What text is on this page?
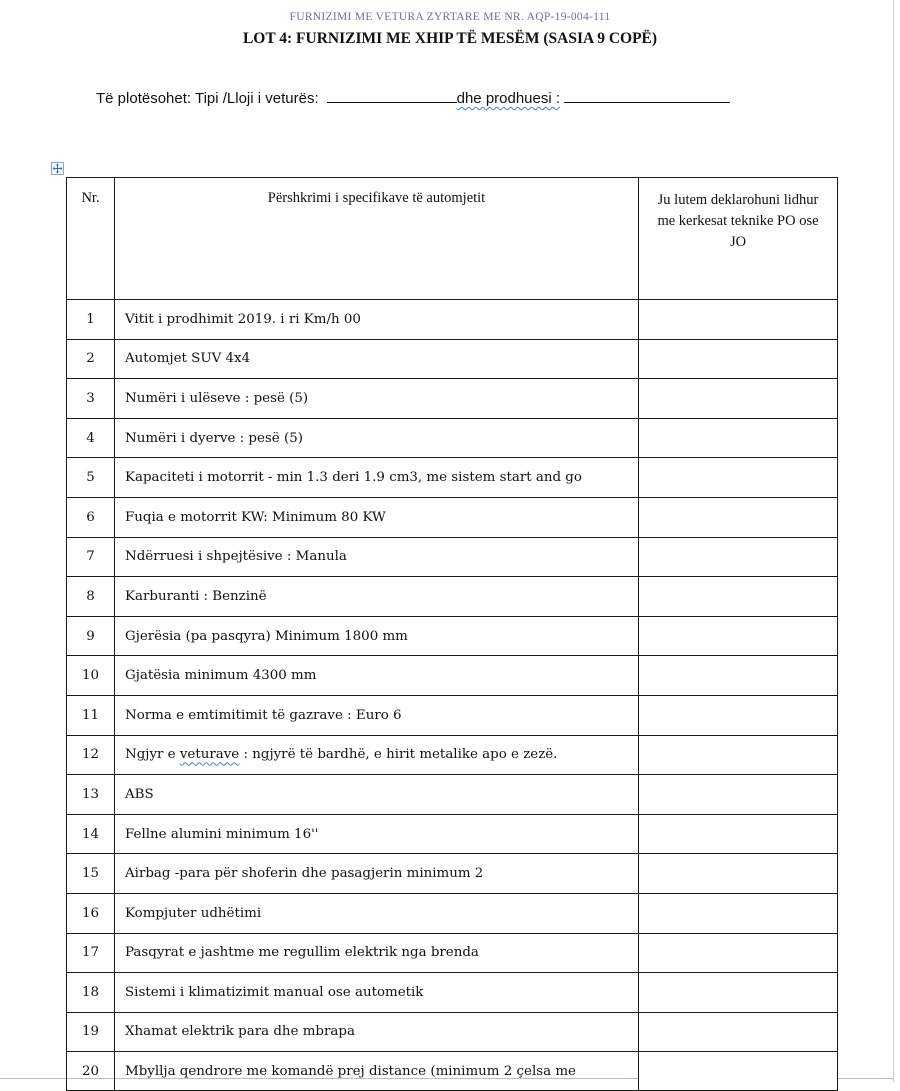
FURNIZIMI ME VETURA ZYRTARE ME NR. AQP-19-004-111
LOT 4: FURNIZIMI ME XHIP TË MESËM (SASIA 9 COPË)
Të plotësohet: Tipi /Lloji i veturës:	dhe prodhuesi :
Nr.	Përshkrimi i specifikave të automjetit	Ju lutem deklarohuni lidhur me kerkesat teknike PO ose JO
1	Vitit i prodhimit 2019. i ri Km/h 00	
2	Automjet SUV 4x4	
3	Numëri i ulëseve : pesë (5)	
4	Numëri i dyerve : pesë (5)	
5	Kapaciteti i motorrit - min 1.3 deri 1.9 cm3, me sistem start and go	
6	Fuqia e motorrit KW: Minimum 80 KW	
7	Ndërruesi i shpejtësive : Manula	
8	Karburanti : Benzinë	
9	Gjerësia (pa pasqyra) Minimum 1800 mm	
10	Gjatësia minimum 4300 mm	
11	Norma e emtimitimit të gazrave : Euro 6	
12	Ngjyr e veturave : ngjyrë të bardhë, e hirit metalike apo e zezë.	
13	ABS	
14	Fellne alumini minimum 16''	
15	Airbag -para për shoferin dhe pasagjerin minimum 2	
16	Kompjuter udhëtimi	
17	Pasqyrat e jashtme me regullim elektrik nga brenda	
18	Sistemi i klimatizimit manual ose autometik	
19	Xhamat elektrik para dhe mbrapa	
20	Mbyllja qendrore me komandë prej distance (minimum 2 çelsa me	
